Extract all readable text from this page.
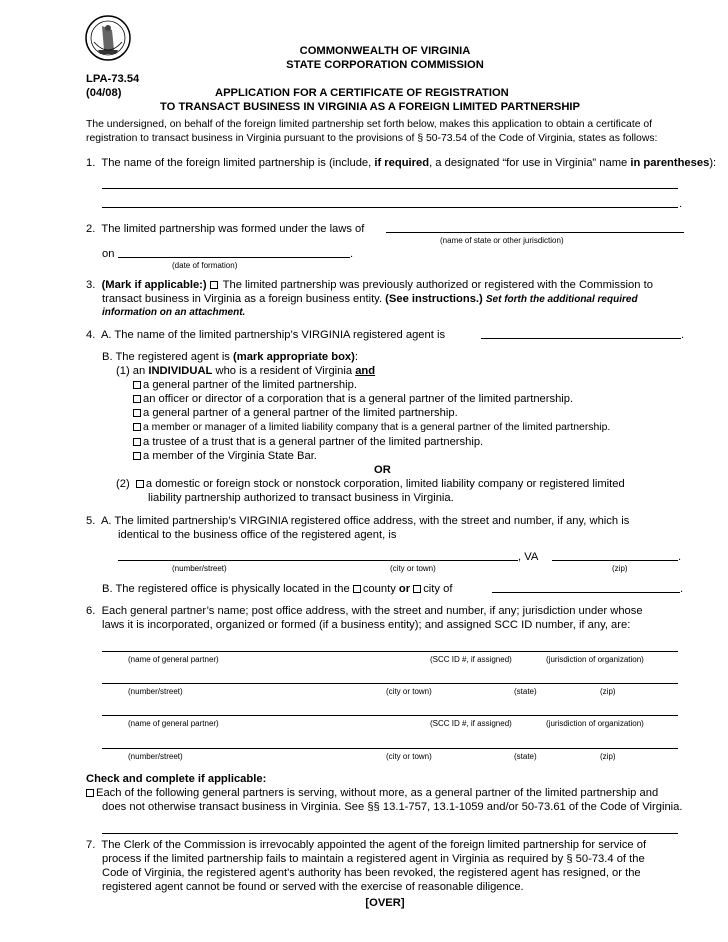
COMMONWEALTH OF VIRGINIA
STATE CORPORATION COMMISSION
LPA-73.54
(04/08)	APPLICATION FOR A CERTIFICATE OF REGISTRATION
TO TRANSACT BUSINESS IN VIRGINIA AS A FOREIGN LIMITED PARTNERSHIP
The undersigned, on behalf of the foreign limited partnership set forth below, makes this application to obtain a certificate of
registration to transact business in Virginia pursuant to the provisions of § 50-73.54 of the Code of Virginia, states as follows:
1. The name of the foreign limited partnership is (include, if required, a designated “for use in Virginia” name in parentheses):
.
2. The limited partnership was formed under the laws of
(name of state or other jurisdiction)
on	.
(date of formation)
3. (Mark if applicable:) The limited partnership was previously authorized or registered with the Commission to
transact business in Virginia as a foreign business entity. (See instructions.) Set forth the additional required
information on an attachment.
4. A. The name of the limited partnership’s VIRGINIA registered agent is	.
B. The registered agent is (mark appropriate box):
(1) an INDIVIDUAL who is a resident of Virginia and
a general partner of the limited partnership.
an officer or director of a corporation that is a general partner of the limited partnership.
a general partner of a general partner of the limited partnership.
a member or manager of a limited liability company that is a general partner of the limited partnership.
a trustee of a trust that is a general partner of the limited partnership.
a member of the Virginia State Bar.
OR
(2) a domestic or foreign stock or nonstock corporation, limited liability company or registered limited
liability partnership authorized to transact business in Virginia.
5. A. The limited partnership’s VIRGINIA registered office address, with the street and number, if any, which is
identical to the business office of the registered agent, is
, VA	.
(number/street)	(city or town)	(zip)
B. The registered office is physically located in the county or city of	.
6. Each general partner’s name; post office address, with the street and number, if any; jurisdiction under whose
laws it is incorporated, organized or formed (if a business entity); and assigned SCC ID number, if any, are:
(name of general partner)	(SCC ID #, if assigned)	(jurisdiction of organization)
(number/street)	(city or town)	(state)	(zip)
(name of general partner)	(SCC ID #, if assigned)	(jurisdiction of organization)
(number/street)	(city or town)	(state)	(zip)
Check and complete if applicable:
Each of the following general partners is serving, without more, as a general partner of the limited partnership and
does not otherwise transact business in Virginia. See §§ 13.1-757, 13.1-1059 and/or 50-73.61 of the Code of Virginia.
7. The Clerk of the Commission is irrevocably appointed the agent of the foreign limited partnership for service of
process if the limited partnership fails to maintain a registered agent in Virginia as required by § 50-73.4 of the
Code of Virginia, the registered agent's authority has been revoked, the registered agent has resigned, or the
registered agent cannot be found or served with the exercise of reasonable diligence.
[OVER]
